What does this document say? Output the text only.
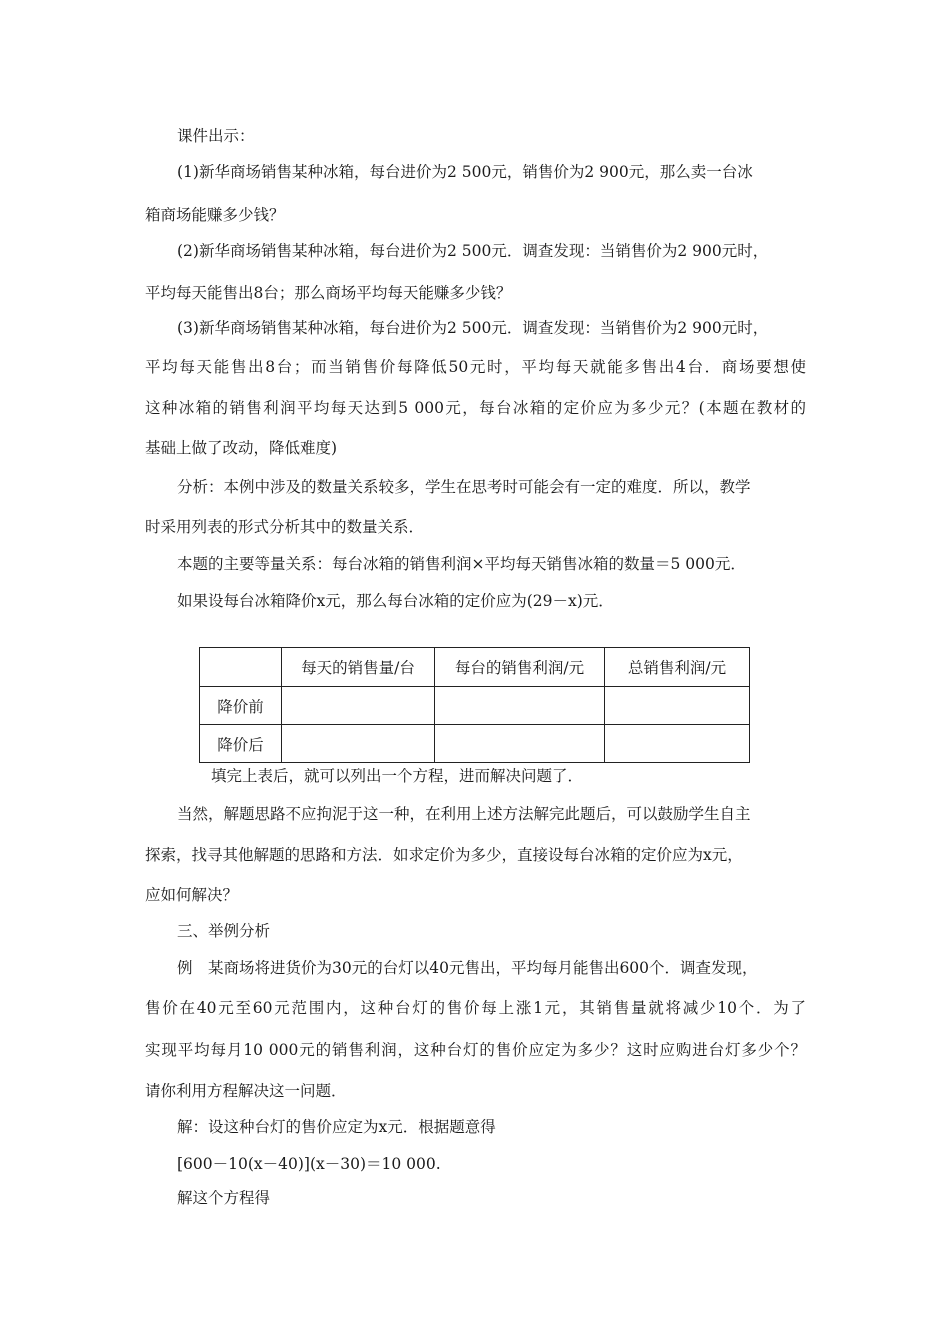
课件出示：
(1)新华商场销售某种冰箱，每台进价为2 500元，销售价为2 900元，那么卖一台冰
箱商场能赚多少钱？
(2)新华商场销售某种冰箱，每台进价为2 500元．调查发现：当销售价为2 900元时，
平均每天能售出8台；那么商场平均每天能赚多少钱？
(3)新华商场销售某种冰箱，每台进价为2 500元．调查发现：当销售价为2 900元时，
平均每天能售出8台；而当销售价每降低50元时，平均每天就能多售出4台．商场要想使
这种冰箱的销售利润平均每天达到5 000元，每台冰箱的定价应为多少元？(本题在教材的
基础上做了改动，降低难度)
分析：本例中涉及的数量关系较多，学生在思考时可能会有一定的难度．所以，教学
时采用列表的形式分析其中的数量关系．
本题的主要等量关系：每台冰箱的销售利润×平均每天销售冰箱的数量＝5 000元．
如果设每台冰箱降价x元，那么每台冰箱的定价应为(29－x)元．
	每天的销售量/台	每台的销售利润/元	总销售利润/元
降价前			
降价后			
填完上表后，就可以列出一个方程，进而解决问题了．
当然，解题思路不应拘泥于这一种，在利用上述方法解完此题后，可以鼓励学生自主
探索，找寻其他解题的思路和方法．如求定价为多少，直接设每台冰箱的定价应为x元，
应如何解决？
三、举例分析
例　某商场将进货价为30元的台灯以40元售出，平均每月能售出600个．调查发现，
售价在40元至60元范围内，这种台灯的售价每上涨1元，其销售量就将减少10个．为了
实现平均每月10 000元的销售利润，这种台灯的售价应定为多少？这时应购进台灯多少个？
请你利用方程解决这一问题．
解：设这种台灯的售价应定为x元．根据题意得
[600－10(x－40)](x－30)＝10 000.
解这个方程得
